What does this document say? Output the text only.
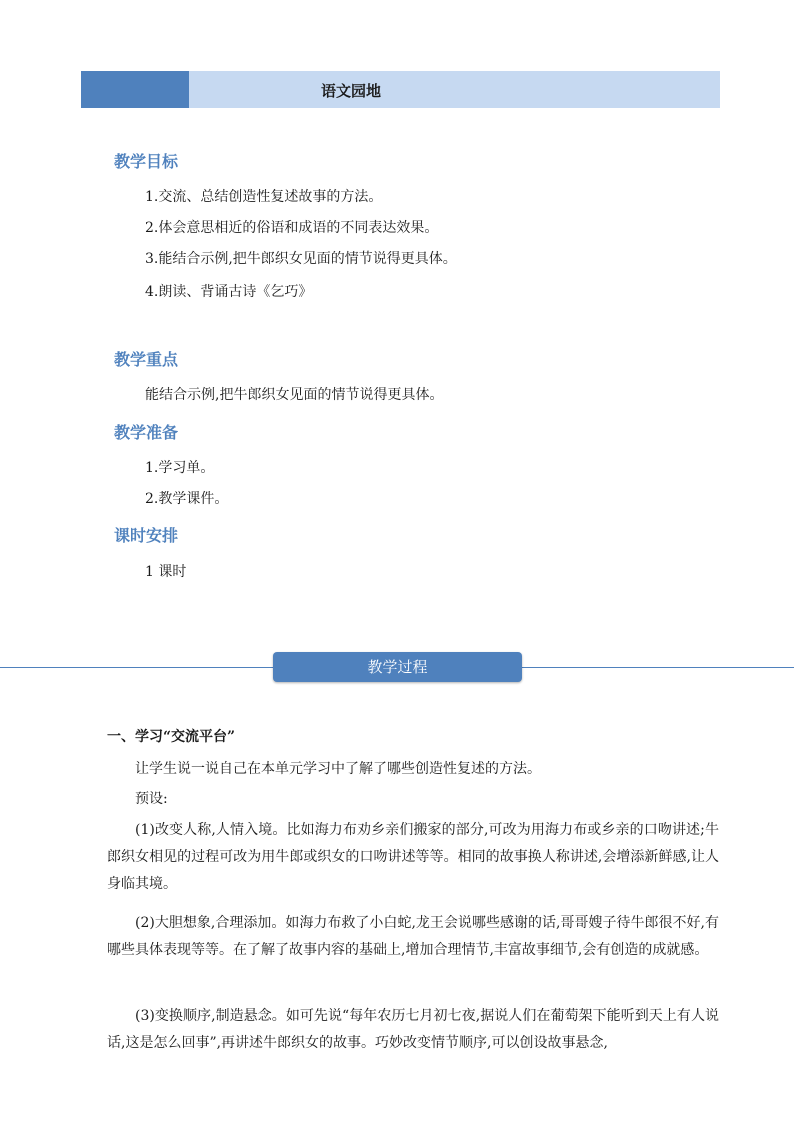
语文园地
教学目标
1.交流、总结创造性复述故事的方法。
2.体会意思相近的俗语和成语的不同表达效果。
3.能结合示例,把牛郎织女见面的情节说得更具体。
4.朗读、背诵古诗《乞巧》
教学重点
能结合示例,把牛郎织女见面的情节说得更具体。
教学准备
1.学习单。
2.教学课件。
课时安排
1 课时
教学过程
一、学习“交流平台”
让学生说一说自己在本单元学习中了解了哪些创造性复述的方法。
预设:
(1)改变人称,人情入境。比如海力布劝乡亲们搬家的部分,可改为用海力布或乡亲的口吻讲述;牛郎织女相见的过程可改为用牛郎或织女的口吻讲述等等。相同的故事换人称讲述,会增添新鲜感,让人身临其境。
(2)大胆想象,合理添加。如海力布救了小白蛇,龙王会说哪些感谢的话,哥哥嫂子待牛郎很不好,有哪些具体表现等等。在了解了故事内容的基础上,增加合理情节,丰富故事细节,会有创造的成就感。
(3)变换顺序,制造悬念。如可先说“每年农历七月初七夜,据说人们在葡萄架下能听到天上有人说话,这是怎么回事”,再讲述牛郎织女的故事。巧妙改变情节顺序,可以创设故事悬念,
